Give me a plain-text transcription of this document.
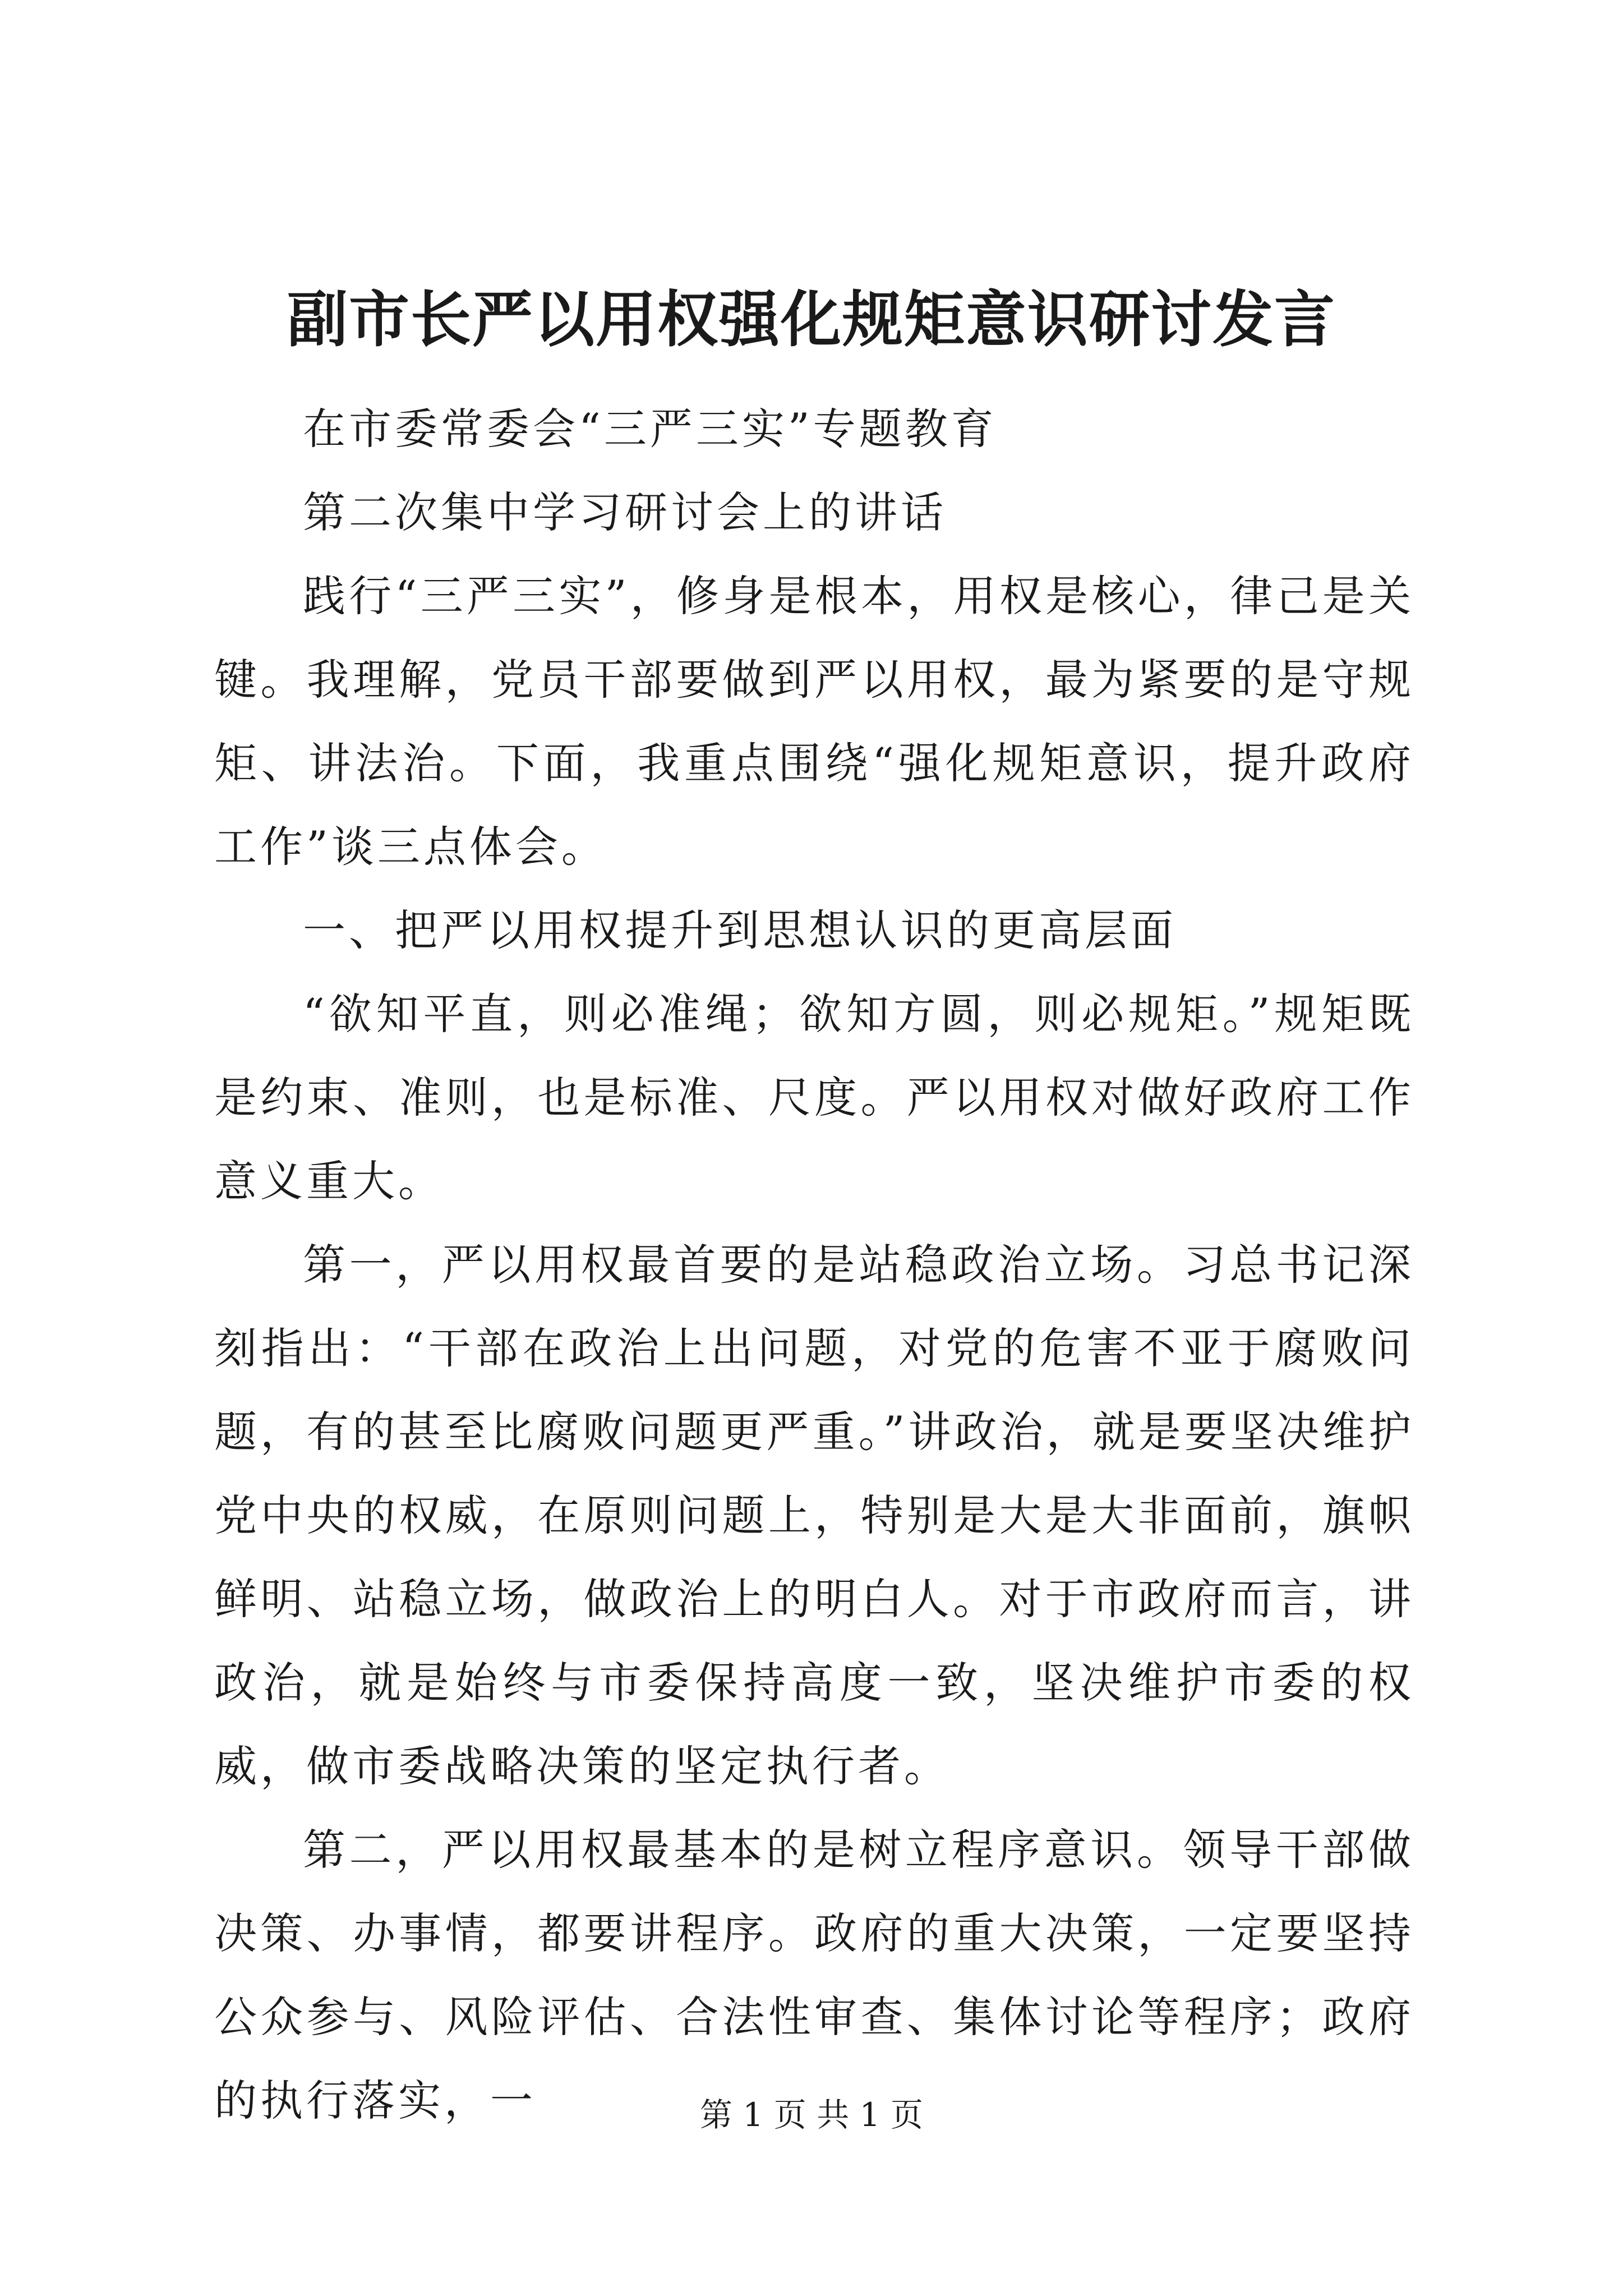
副市长严以用权强化规矩意识研讨发言

在市委常委会“三严三实”专题教育

第二次集中学习研讨会上的讲话

践行“三严三实”，修身是根本，用权是核心，律己是关键。我理解，党员干部要做到严以用权，最为紧要的是守规矩、讲法治。下面，我重点围绕“强化规矩意识，提升政府工作”谈三点体会。

一、把严以用权提升到思想认识的更高层面

“欲知平直，则必准绳；欲知方圆，则必规矩。”规矩既是约束、准则，也是标准、尺度。严以用权对做好政府工作意义重大。

第一，严以用权最首要的是站稳政治立场。习总书记深刻指出：“干部在政治上出问题，对党的危害不亚于腐败问题，有的甚至比腐败问题更严重。”讲政治，就是要坚决维护党中央的权威，在原则问题上，特别是大是大非面前，旗帜鲜明、站稳立场，做政治上的明白人。对于市政府而言，讲政治，就是始终与市委保持高度一致，坚决维护市委的权威，做市委战略决策的坚定执行者。

第二，严以用权最基本的是树立程序意识。领导干部做决策、办事情，都要讲程序。政府的重大决策，一定要坚持公众参与、风险评估、合法性审查、集体讨论等程序；政府的执行落实，一	第 1 页 共 1 页
